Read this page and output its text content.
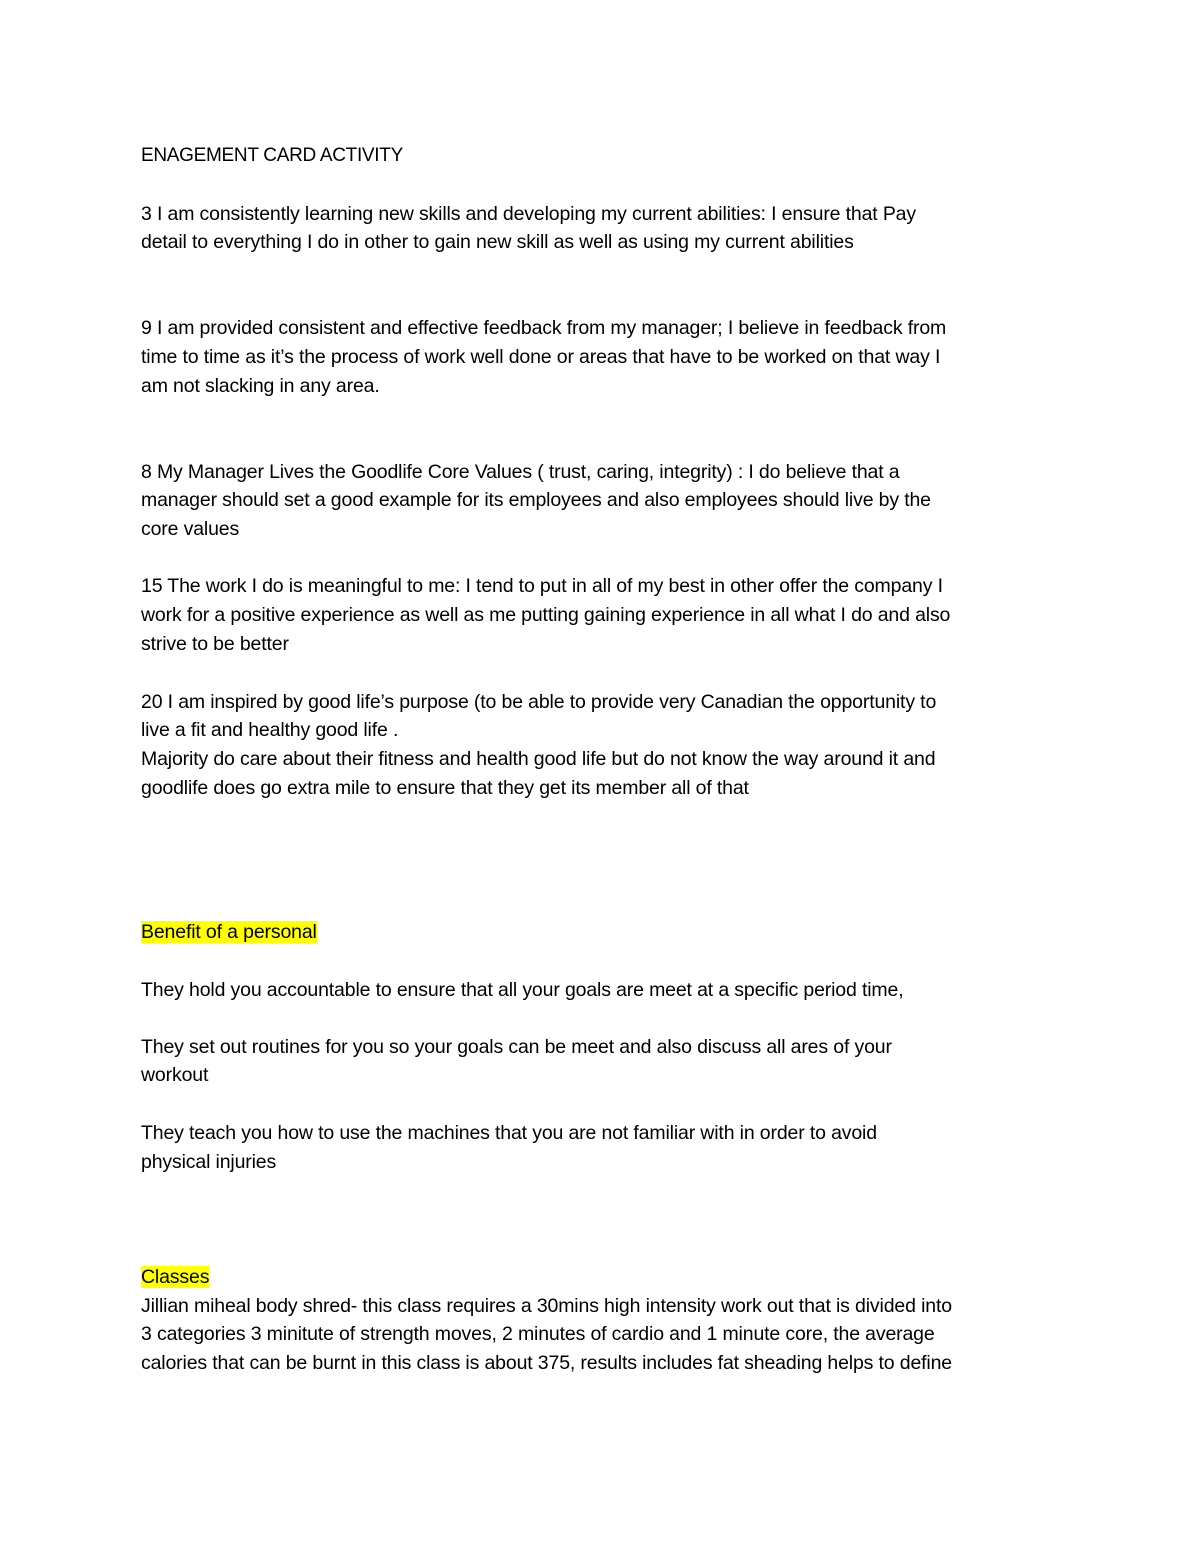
ENAGEMENT CARD ACTIVITY
3 I am consistently learning new skills and developing my current abilities: I ensure that Pay
detail to everything I do in other to gain new skill as well as using my current abilities
9 I am provided consistent and effective feedback from my manager; I believe in feedback from
time to time as it’s the process of work well done or areas that have to be worked on that way I
am not slacking in any area.
8 My Manager Lives the Goodlife Core Values ( trust, caring, integrity) : I do believe that a
manager should set a good example for its employees and also employees should live by the
core values
15 The work I do is meaningful to me: I tend to put in all of my best in other offer the company I
work for a positive experience as well as me putting gaining experience in all what I do and also
strive to be better
20 I am inspired by good life’s purpose (to be able to provide very Canadian the opportunity to
live a fit and healthy good life .
Majority do care about their fitness and health good life but do not know the way around it and
goodlife does go extra mile to ensure that they get its member all of that
Benefit of a personal
They hold you accountable to ensure that all your goals are meet at a specific period time,
They set out routines for you so your goals can be meet and also discuss all ares of your
workout
They teach you how to use the machines that you are not familiar with in order to avoid
physical injuries
Classes
Jillian miheal body shred- this class requires a 30mins high intensity work out that is divided into
3 categories 3 minitute of strength moves, 2 minutes of cardio and 1 minute core, the average
calories that can be burnt in this class is about 375, results includes fat sheading helps to define
